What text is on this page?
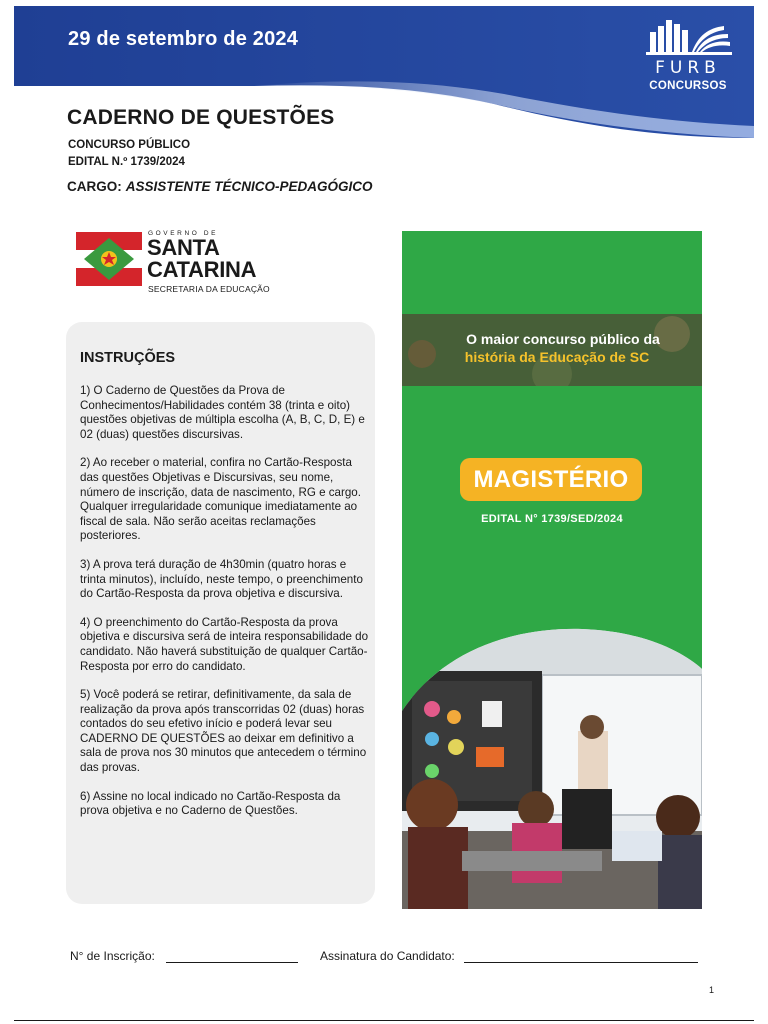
29 de setembro de 2024
FURB
CONCURSOS
CADERNO DE QUESTÕES
CONCURSO PÚBLICO
EDITAL N.º 1739/2024
CARGO: ASSISTENTE TÉCNICO-PEDAGÓGICO
GOVERNO DE
SANTA
CATARINA
SECRETARIA DA EDUCAÇÃO
INSTRUÇÕES

1) O Caderno de Questões da Prova de Conhecimentos/Habilidades contém 38 (trinta e oito) questões objetivas de múltipla escolha (A, B, C, D, E) e 02 (duas) questões discursivas.

2) Ao receber o material, confira no Cartão-Resposta das questões Objetivas e Discursivas, seu nome, número de inscrição, data de nascimento, RG e cargo. Qualquer irregularidade comunique imediatamente ao fiscal de sala. Não serão aceitas reclamações posteriores.

3) A prova terá duração de 4h30min (quatro horas e trinta minutos), incluído, neste tempo, o preenchimento do Cartão-Resposta da prova objetiva e discursiva.

4) O preenchimento do Cartão-Resposta da prova objetiva e discursiva será de inteira responsabilidade do candidato. Não haverá substituição de qualquer Cartão-Resposta por erro do candidato.

5) Você poderá se retirar, definitivamente, da sala de realização da prova após transcorridas 02 (duas) horas contados do seu efetivo início e poderá levar seu CADERNO DE QUESTÕES ao deixar em definitivo a sala de prova nos 30 minutos que antecedem o término das provas.

6) Assine no local indicado no Cartão-Resposta da prova objetiva e no Caderno de Questões.

O maior concurso público da
história da Educação de SC
MAGISTÉRIO
EDITAL N° 1739/SED/2024
N° de Inscrição:	Assinatura do Candidato:
1
